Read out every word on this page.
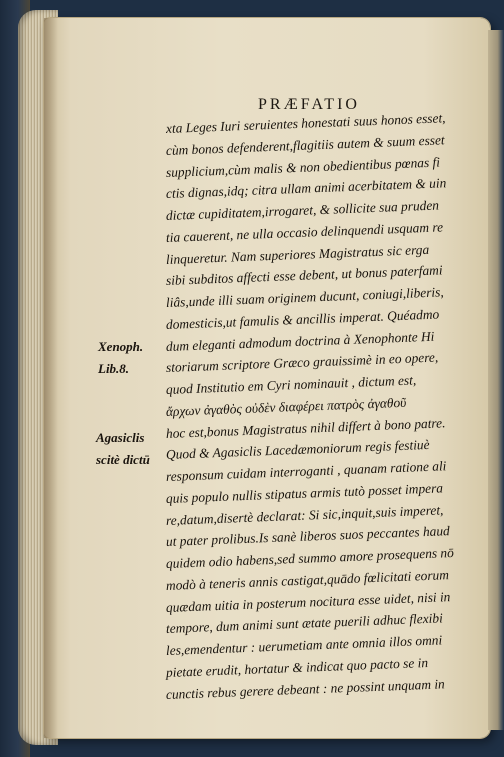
PRÆFATIO
xta Leges Iuri seruientes honestati suus honos esset,
cùm bonos defenderent,flagitiis autem & suum esset
supplicium,cùm malis & non obedientibus pœnas fi
ctis dignas,idq; citra ullam animi acerbitatem & uin
dictæ cupiditatem,irrogaret, & sollicite sua pruden
tia cauerent, ne ulla occasio delinquendi usquam re
linqueretur. Nam superiores Magistratus sic erga
sibi subditos affecti esse debent, ut bonus paterfami
liâs,unde illi suam originem ducunt, coniugi,liberis,
domesticis,ut famulis & ancillis imperat. Quéadmo
dum eleganti admodum doctrina à Xenophonte Hi
storiarum scriptore Græco grauissimè in eo opere,
quod Institutio em Cyri nominauit , dictum est,
ἄρχων ἀγαθὸς οὐδὲν διαφέρει πατρὸς ἀγαθοῦ
hoc est,bonus Magistratus nihil differt à bono patre.
Quod & Agasiclis Lacedæmoniorum regis festiuè
responsum cuidam interroganti , quanam ratione ali
quis populo nullis stipatus armis tutò posset impera
re,datum,disertè declarat: Si sic,inquit,suis imperet,
ut pater prolibus.Is sanè liberos suos peccantes haud
quidem odio habens,sed summo amore prosequens nō
modò à teneris annis castigat,quādo fœlicitati eorum
quædam uitia in posterum nocitura esse uidet, nisi in
tempore, dum animi sunt ætate puerili adhuc flexibi
les,emendentur : uerumetiam ante omnia illos omni
pietate erudit, hortatur & indicat quo pacto se in
cunctis rebus gerere debeant : ne possint unquam in
Xenoph.
Lib.8.
Agasiclis
scitè dictū
